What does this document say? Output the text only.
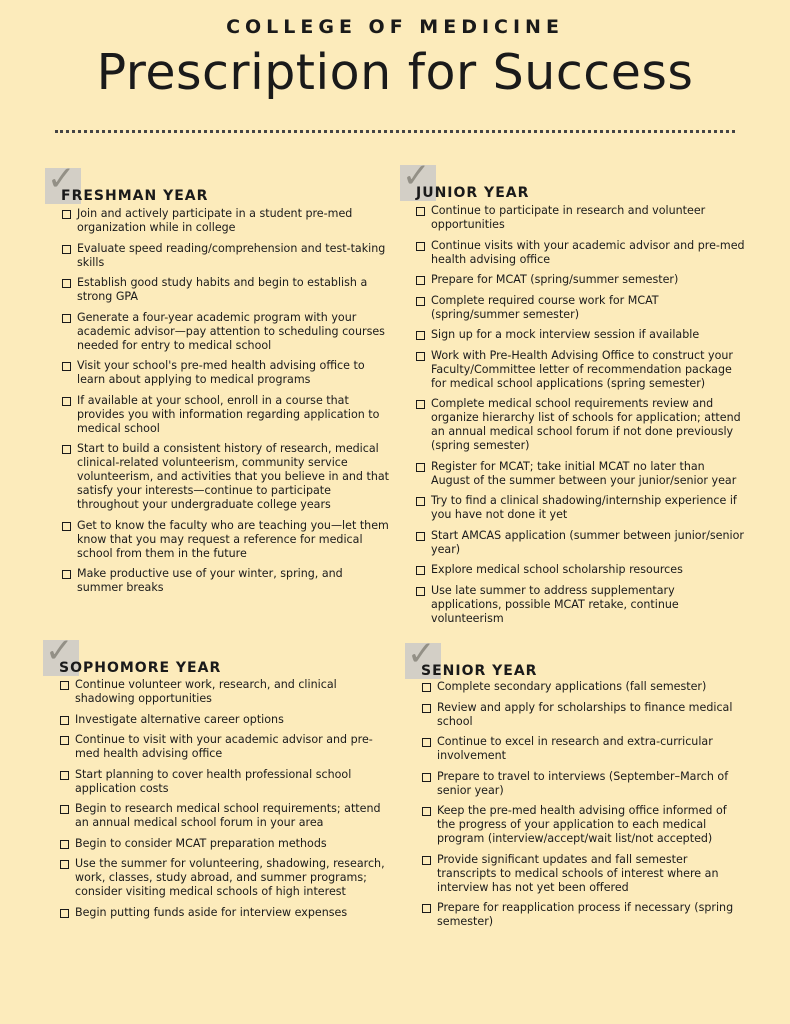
COLLEGE OF MEDICINE
Prescription for Success
✓
FRESHMAN YEAR
Join and actively participate in a student pre-med organization while in college
Evaluate speed reading/comprehension and test-taking skills
Establish good study habits and begin to establish a strong GPA
Generate a four-year academic program with your academic advisor—pay attention to scheduling courses needed for entry to medical school
Visit your school's pre-med health advising office to learn about applying to medical programs
If available at your school, enroll in a course that provides you with information regarding application to medical school
Start to build a consistent history of research, medical clinical-related volunteerism, community service volunteerism, and activities that you believe in and that satisfy your interests—continue to participate throughout your undergraduate college years
Get to know the faculty who are teaching you—let them know that you may request a reference for medical school from them in the future
Make productive use of your winter, spring, and summer breaks
✓
JUNIOR YEAR
Continue to participate in research and volunteer opportunities
Continue visits with your academic advisor and pre-med health advising office
Prepare for MCAT (spring/summer semester)
Complete required course work for MCAT (spring/summer semester)
Sign up for a mock interview session if available
Work with Pre-Health Advising Office to construct your Faculty/Committee letter of recommendation package for medical school applications (spring semester)
Complete medical school requirements review and organize hierarchy list of schools for application; attend an annual medical school forum if not done previously (spring semester)
Register for MCAT; take initial MCAT no later than August of the summer between your junior/senior year
Try to find a clinical shadowing/internship experience if you have not done it yet
Start AMCAS application (summer between junior/senior year)
Explore medical school scholarship resources
Use late summer to address supplementary applications, possible MCAT retake, continue volunteerism
✓
SOPHOMORE YEAR
Continue volunteer work, research, and clinical shadowing opportunities
Investigate alternative career options
Continue to visit with your academic advisor and pre-med health advising office
Start planning to cover health professional school application costs
Begin to research medical school requirements; attend an annual medical school forum in your area
Begin to consider MCAT preparation methods
Use the summer for volunteering, shadowing, research, work, classes, study abroad, and summer programs; consider visiting medical schools of high interest
Begin putting funds aside for interview expenses
✓
SENIOR YEAR
Complete secondary applications (fall semester)
Review and apply for scholarships to finance medical school
Continue to excel in research and extra-curricular involvement
Prepare to travel to interviews (September–March of senior year)
Keep the pre-med health advising office informed of the progress of your application to each medical program (interview/accept/wait list/not accepted)
Provide significant updates and fall semester transcripts to medical schools of interest where an interview has not yet been offered
Prepare for reapplication process if necessary (spring semester)
